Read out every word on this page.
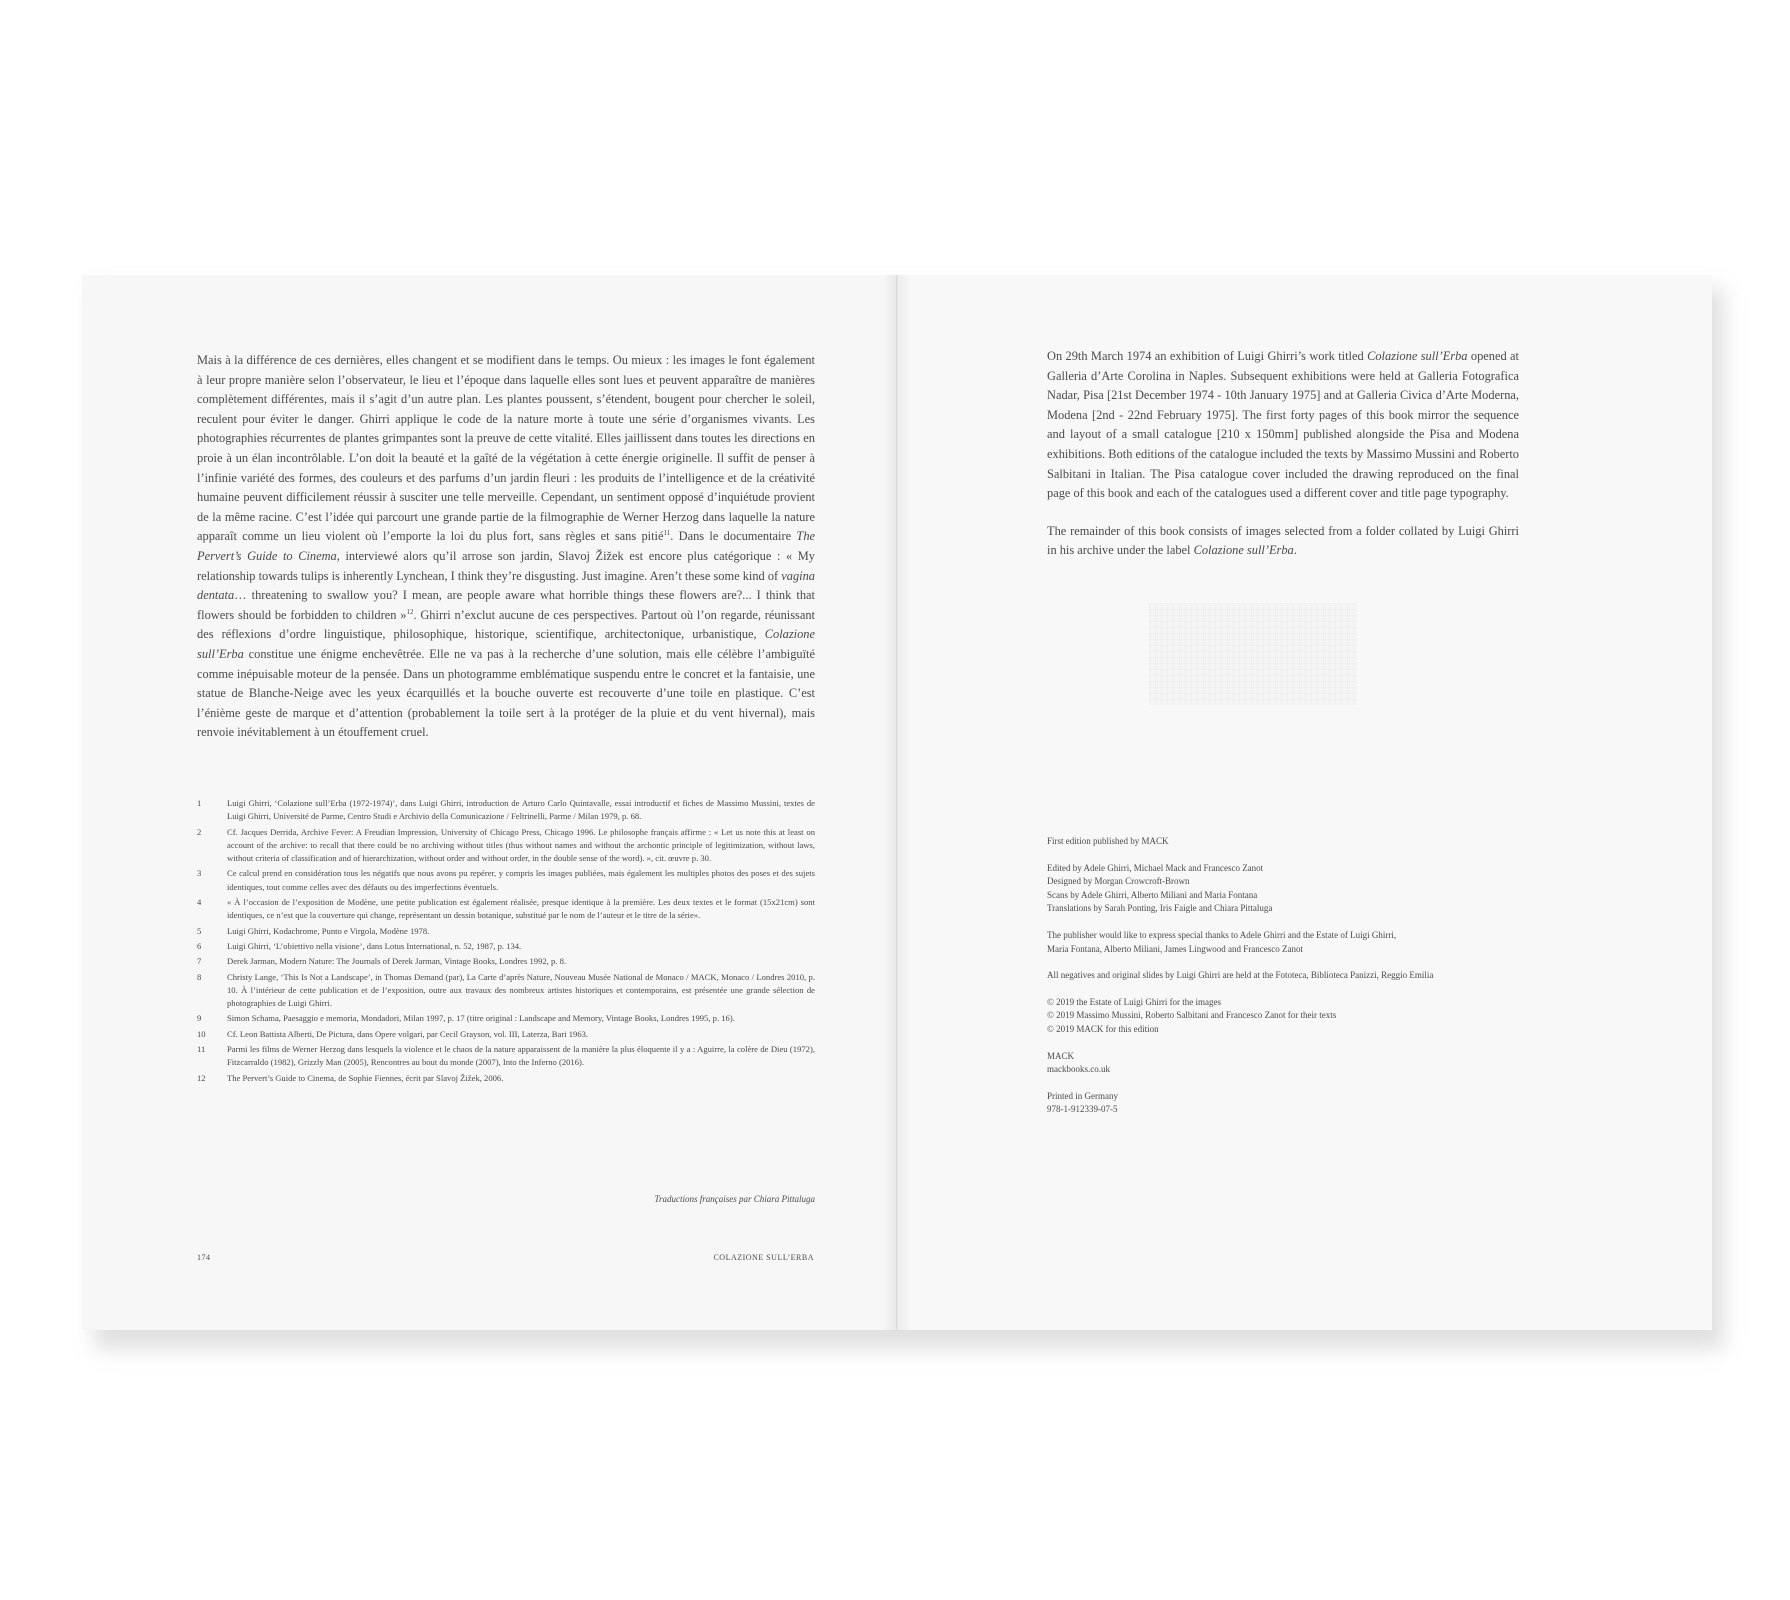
Mais à la différence de ces dernières, elles changent et se modifient dans le temps. Ou mieux : les images le font également à leur propre manière selon l’observateur, le lieu et l’époque dans laquelle elles sont lues et peuvent apparaître de manières complètement différentes, mais il s’agit d’un autre plan. Les plantes poussent, s’étendent, bougent pour chercher le soleil, reculent pour éviter le danger. Ghirri applique le code de la nature morte à toute une série d’organismes vivants. Les photographies récurrentes de plantes grimpantes sont la preuve de cette vitalité. Elles jaillissent dans toutes les directions en proie à un élan incontrôlable. L’on doit la beauté et la gaîté de la végétation à cette énergie originelle. Il suffit de penser à l’infinie variété des formes, des couleurs et des parfums d’un jardin fleuri : les produits de l’intelligence et de la créativité humaine peuvent difficilement réussir à susciter une telle merveille. Cependant, un sentiment opposé d’inquiétude provient de la même racine. C’est l’idée qui parcourt une grande partie de la filmographie de Werner Herzog dans laquelle la nature apparaît comme un lieu violent où l’emporte la loi du plus fort, sans règles et sans pitié$^{11}$. Dans le documentaire The Pervert’s Guide to Cinema, interviewé alors qu’il arrose son jardin, Slavoj Žižek est encore plus catégorique : « My relationship towards tulips is inherently Lynchean, I think they’re disgusting. Just imagine. Aren’t these some kind of vagina dentata… threatening to swallow you? I mean, are people aware what horrible things these flowers are?... I think that flowers should be forbidden to children »$^{12}$. Ghirri n’exclut aucune de ces perspectives. Partout où l’on regarde, réunissant des réflexions d’ordre linguistique, philosophique, historique, scientifique, architectonique, urbanistique, Colazione sull’Erba constitue une énigme enchevêtrée. Elle ne va pas à la recherche d’une solution, mais elle célèbre l’ambiguïté comme inépuisable moteur de la pensée. Dans un photogramme emblématique suspendu entre le concret et la fantaisie, une statue de Blanche-Neige avec les yeux écarquillés et la bouche ouverte est recouverte d’une toile en plastique. C’est l’énième geste de marque et d’attention (probablement la toile sert à la protéger de la pluie et du vent hivernal), mais renvoie inévitablement à un étouffement cruel.

1	Luigi Ghirri, ‘Colazione sull’Erba (1972-1974)’, dans Luigi Ghirri, introduction de Arturo Carlo Quintavalle, essai introductif et fiches de Massimo Mussini, textes de Luigi Ghirri, Université de Parme, Centro Studi e Archivio della Comunicazione / Feltrinelli, Parme / Milan 1979, p. 68.
2	Cf. Jacques Derrida, Archive Fever: A Freudian Impression, University of Chicago Press, Chicago 1996. Le philosophe français affirme : « Let us note this at least on account of the archive: to recall that there could be no archiving without titles (thus without names and without the archontic principle of legitimization, without laws, without criteria of classification and of hierarchization, without order and without order, in the double sense of the word). », cit. œuvre p. 30.
3	Ce calcul prend en considération tous les négatifs que nous avons pu repérer, y compris les images publiées, mais également les multiples photos des poses et des sujets identiques, tout comme celles avec des défauts ou des imperfections éventuels.
4	« À l’occasion de l’exposition de Modène, une petite publication est également réalisée, presque identique à la première. Les deux textes et le format (15x21cm) sont identiques, ce n’est que la couverture qui change, représentant un dessin botanique, substitué par le nom de l’auteur et le titre de la série».
5	Luigi Ghirri, Kodachrome, Punto e Virgola, Modène 1978.
6	Luigi Ghirri, ‘L’obiettivo nella visione’, dans Lotus International, n. 52, 1987, p. 134.
7	Derek Jarman, Modern Nature: The Journals of Derek Jarman, Vintage Books, Londres 1992, p. 8.
8	Christy Lange, ‘This Is Not a Landscape’, in Thomas Demand (par), La Carte d’après Nature, Nouveau Musée National de Monaco / MACK, Monaco / Londres 2010, p. 10. À l’intérieur de cette publication et de l’exposition, outre aux travaux des nombreux artistes historiques et contemporains, est présentée une grande sélection de photographies de Luigi Ghirri.
9	Simon Schama, Paesaggio e memoria, Mondadori, Milan 1997, p. 17 (titre original : Landscape and Memory, Vintage Books, Londres 1995, p. 16).
10	Cf. Leon Battista Alberti, De Pictura, dans Opere volgari, par Cecil Grayson, vol. III, Laterza, Bari 1963.
11	Parmi les films de Werner Herzog dans lesquels la violence et le chaos de la nature apparaissent de la manière la plus éloquente il y a : Aguirre, la colère de Dieu (1972), Fitzcarraldo (1982), Grizzly Man (2005), Rencontres au bout du monde (2007), Into the Inferno (2016).
12	The Pervert’s Guide to Cinema, de Sophie Fiennes, écrit par Slavoj Žižek, 2006.
Traductions françaises par Chiara Pittaluga
174	COLAZIONE SULL’ERBA

On 29th March 1974 an exhibition of Luigi Ghirri’s work titled Colazione sull’Erba opened at Galleria d’Arte Corolina in Naples. Subsequent exhibitions were held at Galleria Fotografica Nadar, Pisa [21st December 1974 - 10th January 1975] and at Galleria Civica d’Arte Moderna, Modena [2nd - 22nd February 1975]. The first forty pages of this book mirror the sequence and layout of a small catalogue [210 x 150mm] published alongside the Pisa and Modena exhibitions. Both editions of the catalogue included the texts by Massimo Mussini and Roberto Salbitani in Italian. The Pisa catalogue cover included the drawing reproduced on the final page of this book and each of the catalogues used a different cover and title page typography.

The remainder of this book consists of images selected from a folder collated by Luigi Ghirri in his archive under the label Colazione sull’Erba.

First edition published by MACK
Edited by Adele Ghirri, Michael Mack and Francesco Zanot
Designed by Morgan Crowcroft-Brown
Scans by Adele Ghirri, Alberto Miliani and Maria Fontana
Translations by Sarah Ponting, Iris Faigle and Chiara Pittaluga
The publisher would like to express special thanks to Adele Ghirri and the Estate of Luigi Ghirri,
Maria Fontana, Alberto Miliani, James Lingwood and Francesco Zanot
All negatives and original slides by Luigi Ghirri are held at the Fototeca, Biblioteca Panizzi, Reggio Emilia
© 2019 the Estate of Luigi Ghirri for the images
© 2019 Massimo Mussini, Roberto Salbitani and Francesco Zanot for their texts
© 2019 MACK for this edition
MACK
mackbooks.co.uk
Printed in Germany
978-1-912339-07-5
